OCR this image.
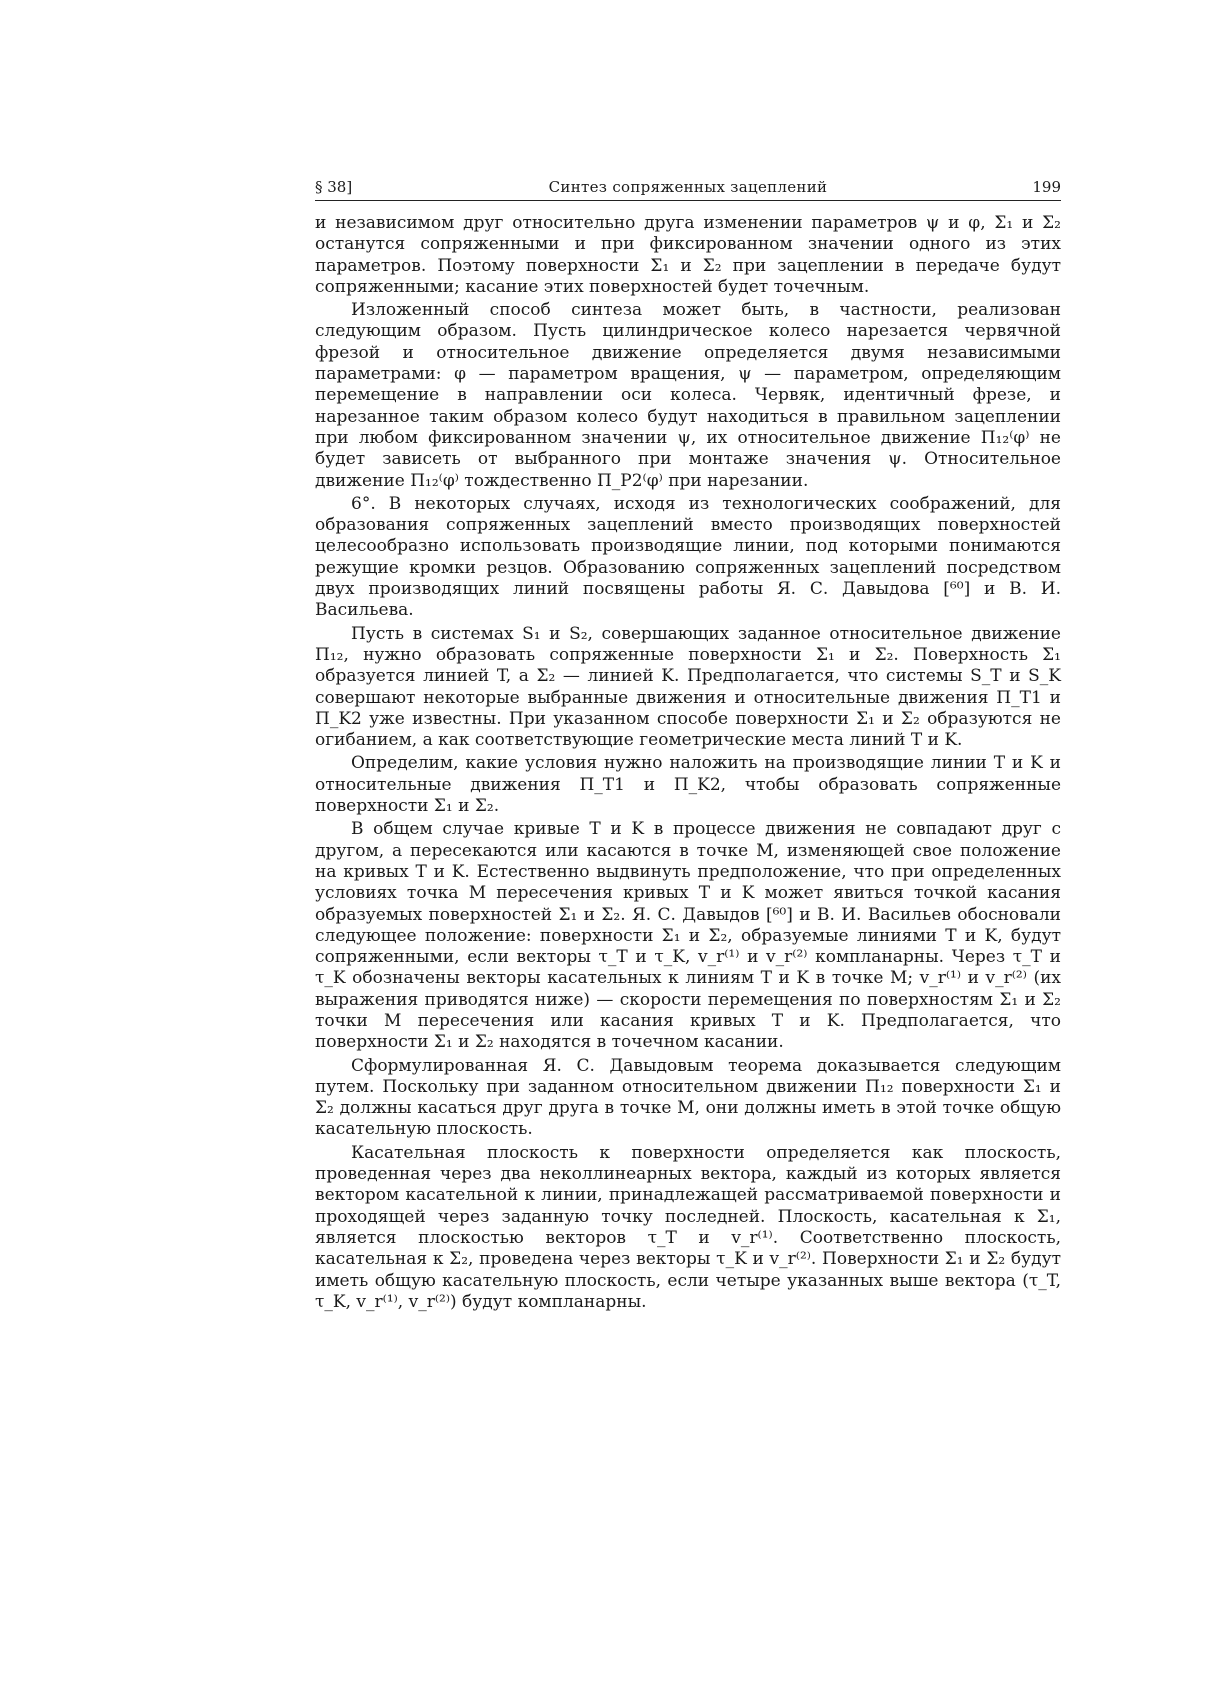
§ 38]	Синтез сопряженных зацеплений	199

и независимом друг относительно друга изменении параметров ψ и φ, Σ₁ и Σ₂ останутся сопряженными и при фиксированном значении одного из этих параметров. Поэтому поверхности Σ₁ и Σ₂ при зацеплении в передаче будут сопряженными; касание этих поверхностей будет точечным.

Изложенный способ синтеза может быть, в частности, реализован следующим образом. Пусть цилиндрическое колесо нарезается червячной фрезой и относительное движение определяется двумя независимыми параметрами: φ — параметром вращения, ψ — параметром, определяющим перемещение в направлении оси колеса. Червяк, идентичный фрезе, и нарезанное таким образом колесо будут находиться в правильном зацеплении при любом фиксированном значении ψ, их относительное движение П₁₂⁽φ⁾ не будет зависеть от выбранного при монтаже значения ψ. Относительное движение П₁₂⁽φ⁾ тождественно П_P2⁽φ⁾ при нарезании.

6°. В некоторых случаях, исходя из технологических соображений, для образования сопряженных зацеплений вместо производящих поверхностей целесообразно использовать производящие линии, под которыми понимаются режущие кромки резцов. Образованию сопряженных зацеплений посредством двух производящих линий посвящены работы Я. С. Давыдова [⁶⁰] и В. И. Васильева.

Пусть в системах S₁ и S₂, совершающих заданное относительное движение П₁₂, нужно образовать сопряженные поверхности Σ₁ и Σ₂. Поверхность Σ₁ образуется линией T, а Σ₂ — линией K. Предполагается, что системы S_T и S_K совершают некоторые выбранные движения и относительные движения П_T1 и П_K2 уже известны. При указанном способе поверхности Σ₁ и Σ₂ образуются не огибанием, а как соответствующие геометрические места линий T и K.

Определим, какие условия нужно наложить на производящие линии T и K и относительные движения П_T1 и П_K2, чтобы образовать сопряженные поверхности Σ₁ и Σ₂.

В общем случае кривые T и K в процессе движения не совпадают друг с другом, а пересекаются или касаются в точке M, изменяющей свое положение на кривых T и K. Естественно выдвинуть предположение, что при определенных условиях точка M пересечения кривых T и K может явиться точкой касания образуемых поверхностей Σ₁ и Σ₂. Я. С. Давыдов [⁶⁰] и В. И. Васильев обосновали следующее положение: поверхности Σ₁ и Σ₂, образуемые линиями T и K, будут сопряженными, если векторы τ_T и τ_K, v_r⁽¹⁾ и v_r⁽²⁾ компланарны. Через τ_T и τ_K обозначены векторы касательных к линиям T и K в точке M; v_r⁽¹⁾ и v_r⁽²⁾ (их выражения приводятся ниже) — скорости перемещения по поверхностям Σ₁ и Σ₂ точки M пересечения или касания кривых T и K. Предполагается, что поверхности Σ₁ и Σ₂ находятся в точечном касании.

Сформулированная Я. С. Давыдовым теорема доказывается следующим путем. Поскольку при заданном относительном движении П₁₂ поверхности Σ₁ и Σ₂ должны касаться друг друга в точке M, они должны иметь в этой точке общую касательную плоскость.

Касательная плоскость к поверхности определяется как плоскость, проведенная через два неколлинеарных вектора, каждый из которых является вектором касательной к линии, принадлежащей рассматриваемой поверхности и проходящей через заданную точку последней. Плоскость, касательная к Σ₁, является плоскостью векторов τ_T и v_r⁽¹⁾. Соответственно плоскость, касательная к Σ₂, проведена через векторы τ_K и v_r⁽²⁾. Поверхности Σ₁ и Σ₂ будут иметь общую касательную плоскость, если четыре указанных выше вектора (τ_T, τ_K, v_r⁽¹⁾, v_r⁽²⁾) будут компланарны.
